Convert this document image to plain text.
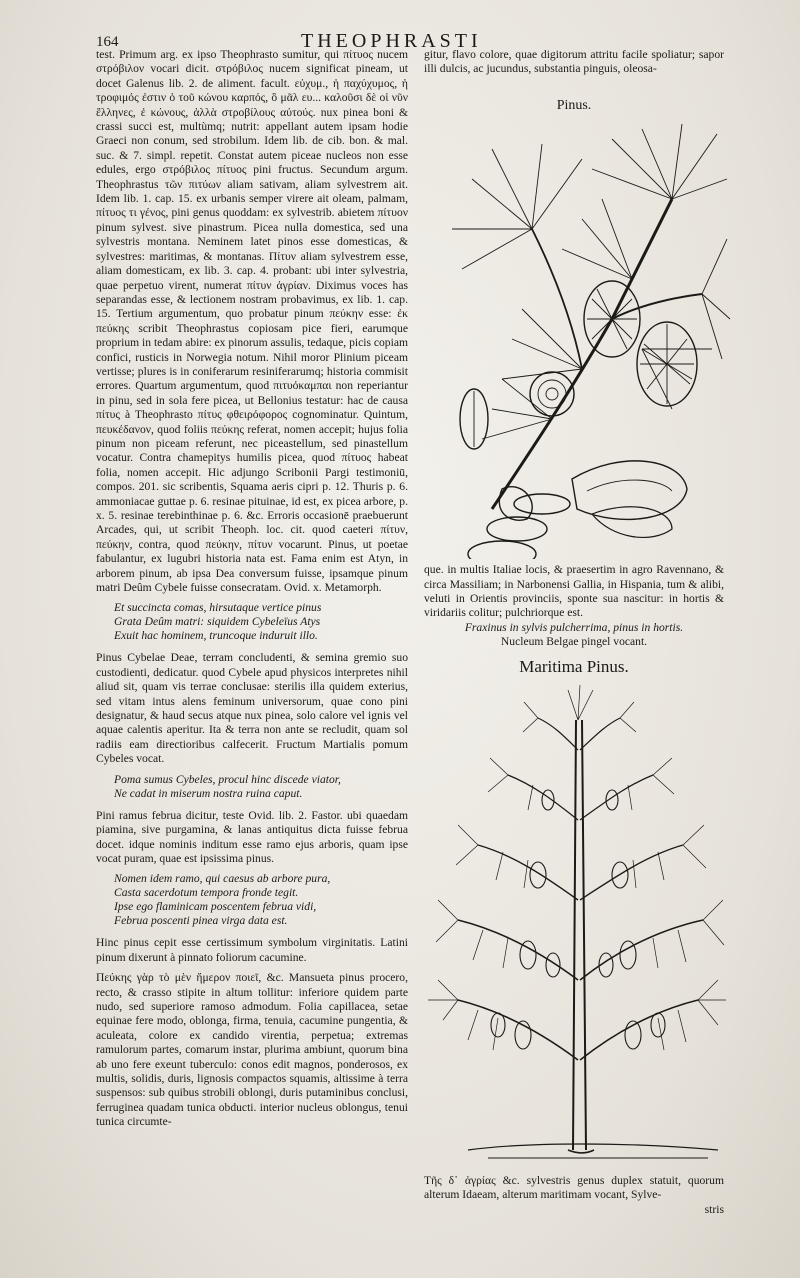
164	THEOPHRASTI

test. Primum arg. ex ipso Theophrasto sumitur, qui πίτυος nucem στρόβιλον vocari dicit. στρόβιλος nucem significat pineam, ut docet Galenus lib. 2. de aliment. facult. εὐχυμ., ἡ παχύχυμος, ἡ τροφιμός ἐστιν ὁ τοῦ κώνου καρπός, ὃ μᾶλ ευ... καλοῦσι δὲ οἱ νῦν ἕλληνες, ἐ κώνους, ἀλλὰ στροβίλους αὐτούς. nux pinea boni & crassi succi est, multùmq; nutrit: appellant autem ipsam hodie Graeci non conum, sed strobilum. Idem lib. de cib. bon. & mal. suc. & 7. simpl. repetit. Constat autem piceae nucleos non esse edules, ergo στρόβιλος πίτυος pini fructus. Secundum argum. Theophrastus τῶν πιτύων aliam sativam, aliam sylvestrem ait. Idem lib. 1. cap. 15. ex urbanis semper virere ait oleam, palmam, πίτυος τι γένος, pini genus quoddam: ex sylvestrib. abietem πίτυον pinum sylvest. sive pinastrum. Picea nulla domestica, sed una sylvestris montana. Neminem latet pinos esse domesticas, & sylvestres: maritimas, & montanas. Πίτυν aliam sylvestrem esse, aliam domesticam, ex lib. 3. cap. 4. probant: ubi inter sylvestria, quae perpetuo virent, numerat πίτυν ἀγρίαν. Diximus voces has separandas esse, & lectionem nostram probavimus, ex lib. 1. cap. 15. Tertium argumentum, quo probatur pinum πεύκην esse: ἐκ πεύκης scribit Theophrastus copiosam pice fieri, earumque proprium in tedam abire: ex pinorum assulis, tedaque, picis copiam confici, rusticis in Norwegia notum. Nihil moror Plinium piceam vertisse; plures is in coniferarum resiniferarumq; historia commisit errores. Quartum argumentum, quod πιτυόκαμπαι non reperiantur in pinu, sed in sola fere picea, ut Bellonius testatur: hac de causa πίτυς à Theophrasto πίτυς φθειρόφορος cognominatur. Quintum, πευκέδανον, quod foliis πεύκης referat, nomen accepit; hujus folia pinum non piceam referunt, nec piceastellum, sed pinastellum vocatur. Contra chamepitys humilis picea, quod πίτυος habeat folia, nomen accepit. Hic adjungo Scribonii Pargi testimoniū, compos. 201. sic scribentis, Squama aeris cipri p. 12. Thuris p. 6. ammoniacae guttae p. 6. resinae pituinae, id est, ex picea arbore, p. x. 5. resinae terebinthinae p. 6. &c. Erroris occasionē praebuerunt Arcades, qui, ut scribit Theoph. loc. cit. quod caeteri πίτυν, πεύκην, contra, quod πεύκην, πίτυν vocarunt. Pinus, ut poetae fabulantur, ex lugubri historia nata est. Fama enim est Atyn, in arborem pinum, ab ipsa Dea conversum fuisse, ipsamque pinum matri Deûm Cybele fuisse consecratam. Ovid. x. Metamorph.

Et succincta comas, hirsutaque vertice pinus
Grata Deûm matri: siquidem Cybeleïus Atys
Exuit hac hominem, truncoque induruit illo.

Pinus Cybelae Deae, terram concludenti, & semina gremio suo custodienti, dedicatur. quod Cybele apud physicos interpretes nihil aliud sit, quam vis terrae conclusae: sterilis illa quidem exterius, sed vitam intus alens feminum universorum, quae cono pini designatur, & haud secus atque nux pinea, solo calore vel ignis vel aquae calentis aperitur. Ita & terra non ante se recludit, quam sol radiis eam directioribus calfecerit. Fructum Martialis pomum Cybeles vocat.

Poma sumus Cybeles, procul hinc discede viator,
Ne cadat in miserum nostra ruina caput.

Pini ramus februa dicitur, teste Ovid. lib. 2. Fastor. ubi quaedam piamina, sive purgamina, & lanas antiquitus dicta fuisse februa docet. idque nominis inditum esse ramo ejus arboris, quam ipse vocat puram, quae est ipsissima pinus.

Nomen idem ramo, qui caesus ab arbore pura,
Casta sacerdotum tempora fronde tegit.
Ipse ego flaminicam poscentem februa vidi,
Februa poscenti pinea virga data est.

Hinc pinus cepit esse certissimum symbolum virginitatis. Latini pinum dixerunt à pinnato foliorum cacumine.

Πεύκης γὰρ τὸ μὲν ἥμερον ποιεῖ, &c. Mansueta pinus procero, recto, & crasso stipite in altum tollitur: inferiore quidem parte nudo, sed superiore ramoso admodum. Folia capillacea, setae equinae fere modo, oblonga, firma, tenuia, cacumine pungentia, & aculeata, colore ex candido virentia, perpetua; extremas ramulorum partes, comarum instar, plurima ambiunt, quorum bina ab uno fere exeunt tuberculo: conos edit magnos, ponderosos, ex multis, solidis, duris, lignosis compactos squamis, altissime à terra suspensos: sub quibus strobili oblongi, duris putaminibus conclusi, ferruginea quadam tunica obducti. interior nucleus oblongus, tenui tunica circumte-

gitur, flavo colore, quae digitorum attritu facile spoliatur; sapor illi dulcis, ac jucundus, substantia pinguis, oleosa-
Pinus.
que. in multis Italiae locis, & praesertim in agro Ravennano, & circa Massiliam; in Narbonensi Gallia, in Hispania, tum & alibi, veluti in Orientis provinciis, sponte sua nascitur: in hortis & viridariis colitur; pulchriorque est.
Fraxinus in sylvis pulcherrima, pinus in hortis.
Nucleum Belgae pingel vocant.
Maritima Pinus.
Τῆς δ᾽ ἀγρίας &c. sylvestris genus duplex statuit, quorum alterum Idaeam, alterum maritimam vocant, Sylve-
stris
